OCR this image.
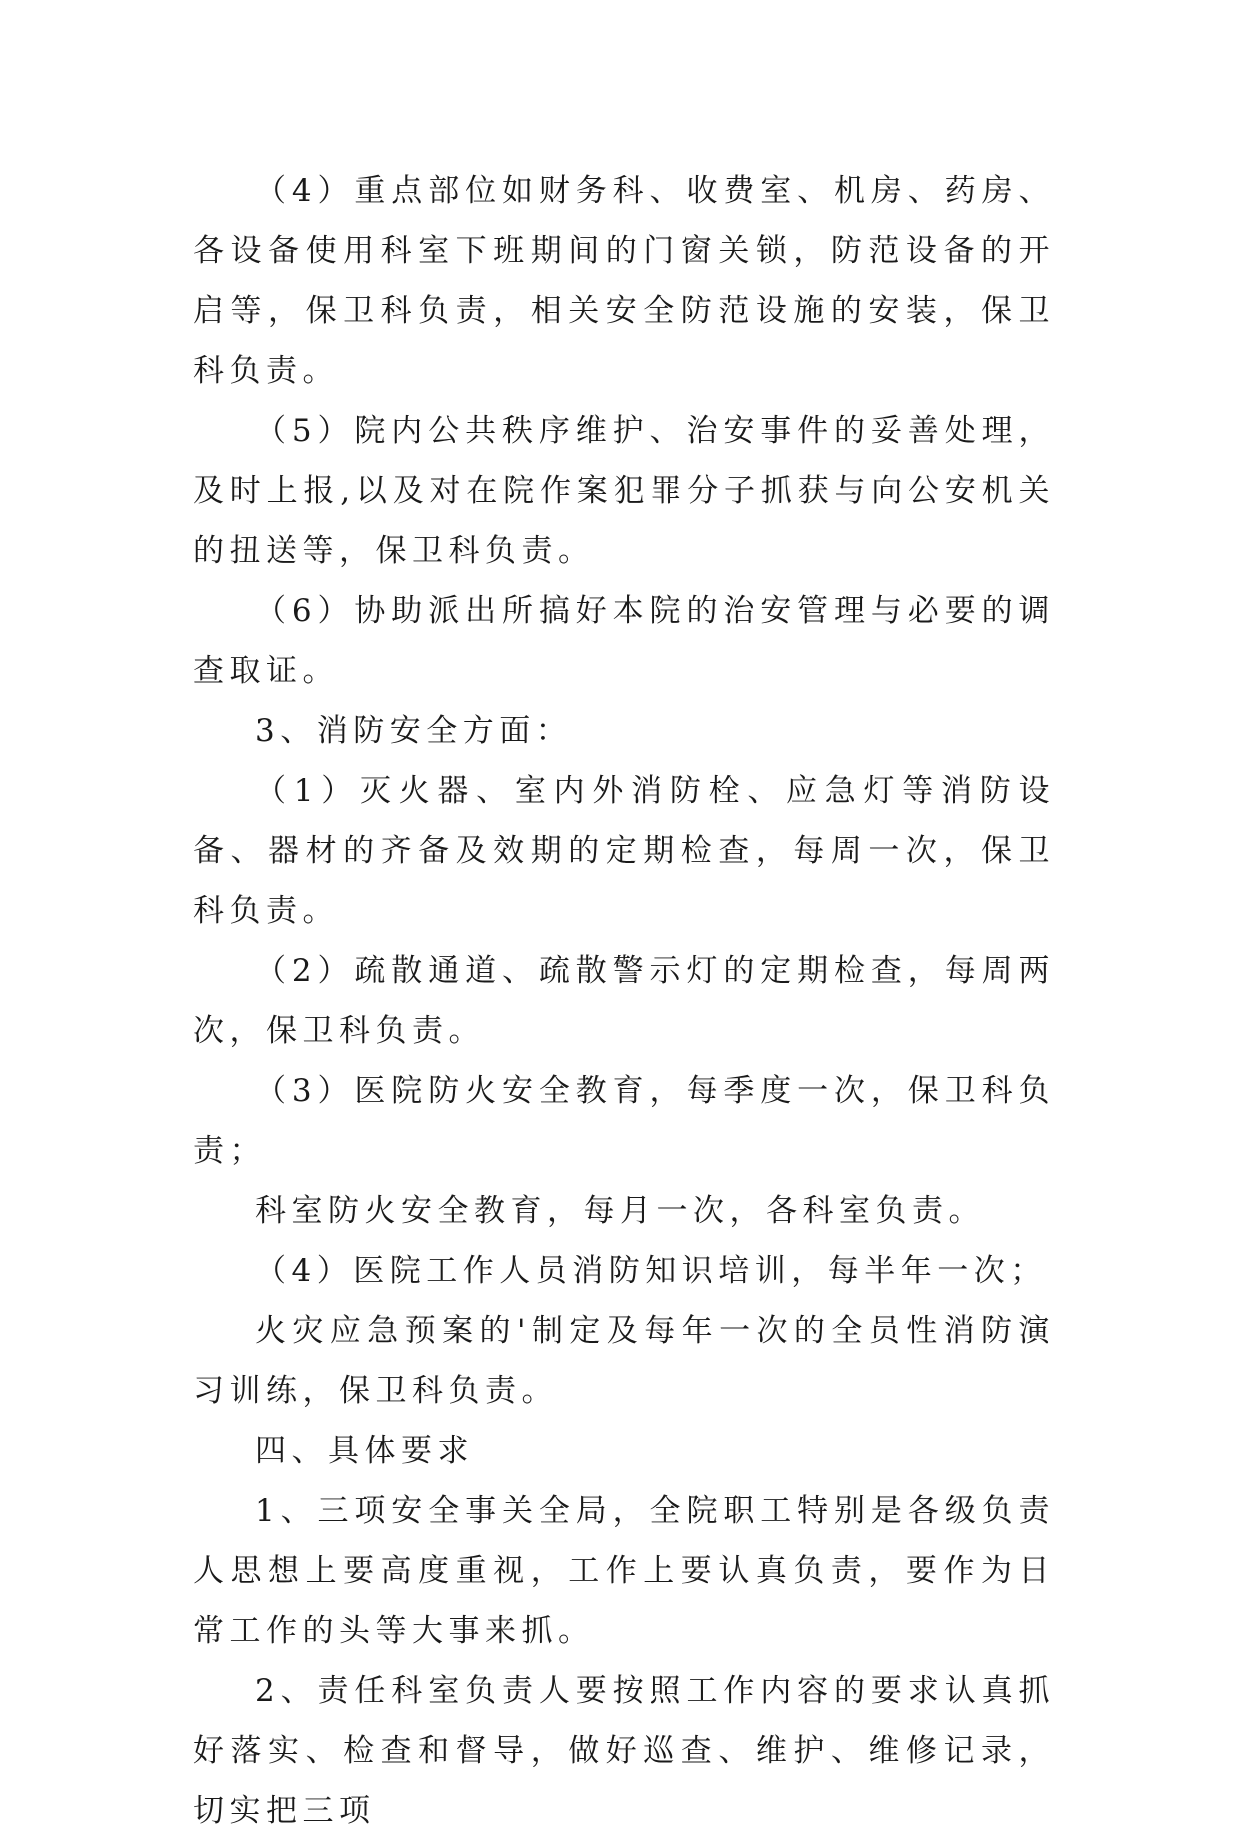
（4）重点部位如财务科、收费室、机房、药房、各设备使用科室下班期间的门窗关锁，防范设备的开启等，保卫科负责，相关安全防范设施的安装，保卫科负责。

（5）院内公共秩序维护、治安事件的妥善处理，及时上报,以及对在院作案犯罪分子抓获与向公安机关的扭送等，保卫科负责。

（6）协助派出所搞好本院的治安管理与必要的调查取证。

3、消防安全方面：

（1）灭火器、室内外消防栓、应急灯等消防设备、器材的齐备及效期的定期检查，每周一次，保卫科负责。

（2）疏散通道、疏散警示灯的定期检查，每周两次，保卫科负责。

（3）医院防火安全教育，每季度一次，保卫科负责；

科室防火安全教育，每月一次，各科室负责。

（4）医院工作人员消防知识培训，每半年一次；

火灾应急预案的'制定及每年一次的全员性消防演习训练，保卫科负责。

四、具体要求

1、三项安全事关全局，全院职工特别是各级负责人思想上要高度重视，工作上要认真负责，要作为日常工作的头等大事来抓。

2、责任科室负责人要按照工作内容的要求认真抓好落实、检查和督导，做好巡查、维护、维修记录，切实把三项
